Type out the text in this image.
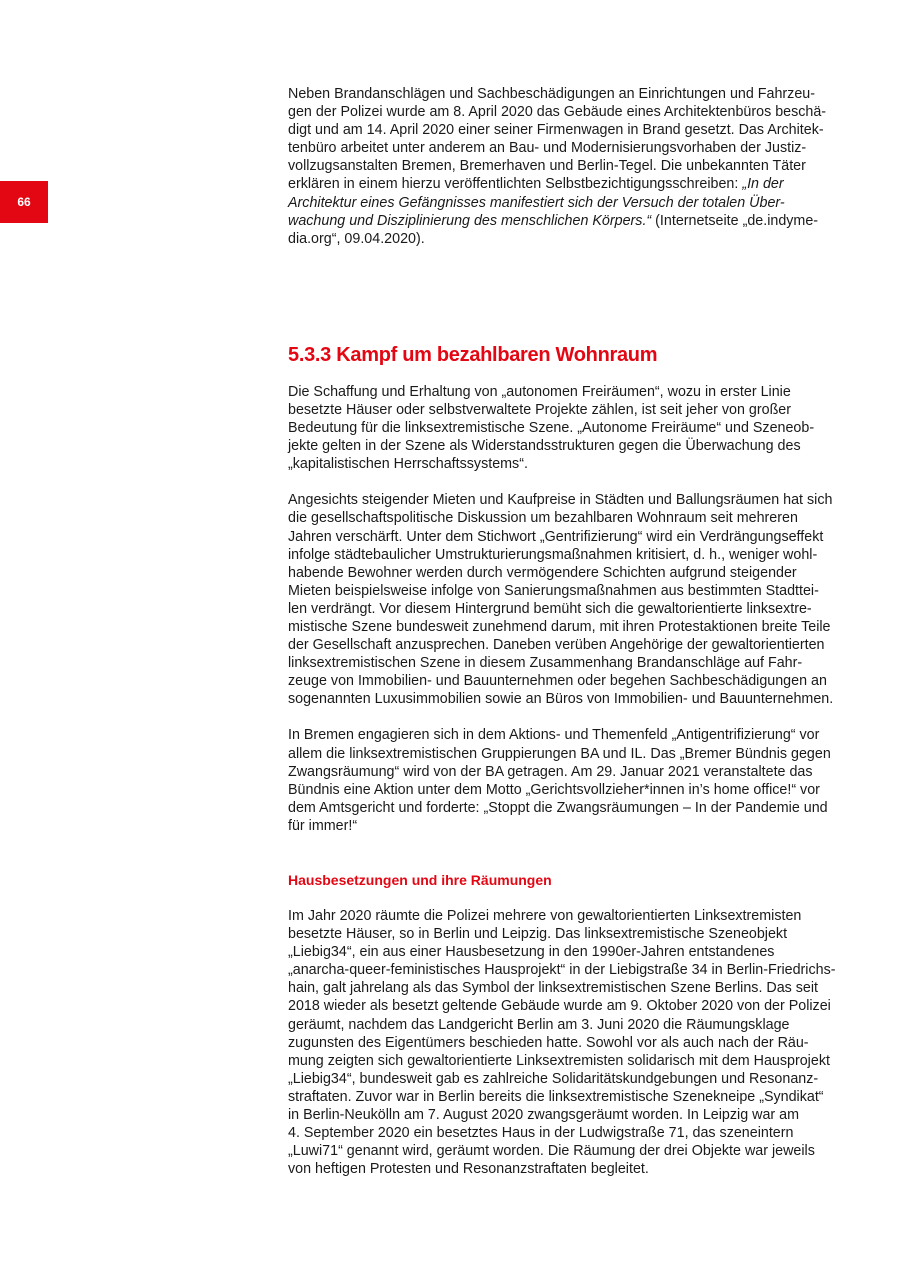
66

Neben Brandanschlägen und Sachbeschädigungen an Einrichtungen und Fahrzeu-
gen der Polizei wurde am 8. April 2020 das Gebäude eines Architektenbüros beschä-
digt und am 14. April 2020 einer seiner Firmenwagen in Brand gesetzt. Das Architek-
tenbüro arbeitet unter anderem an Bau- und Modernisierungsvorhaben der Justiz-
vollzugsanstalten Bremen, Bremerhaven und Berlin-Tegel. Die unbekannten Täter
erklären in einem hierzu veröffentlichten Selbstbezichtigungsschreiben: „In der
Architektur eines Gefängnisses manifestiert sich der Versuch der totalen Über-
wachung und Disziplinierung des menschlichen Körpers.“ (Internetseite „de.indyme-
dia.org“, 09.04.2020).

5.3.3 Kampf um bezahlbaren Wohnraum

Die Schaffung und Erhaltung von „autonomen Freiräumen“, wozu in erster Linie
besetzte Häuser oder selbstverwaltete Projekte zählen, ist seit jeher von großer
Bedeutung für die linksextremistische Szene. „Autonome Freiräume“ und Szeneob-
jekte gelten in der Szene als Widerstandsstrukturen gegen die Überwachung des
„kapitalistischen Herrschaftssystems“.

Angesichts steigender Mieten und Kaufpreise in Städten und Ballungsräumen hat sich
die gesellschaftspolitische Diskussion um bezahlbaren Wohnraum seit mehreren
Jahren verschärft. Unter dem Stichwort „Gentrifizierung“ wird ein Verdrängungseffekt
infolge städtebaulicher Umstrukturierungsmaßnahmen kritisiert, d. h., weniger wohl-
habende Bewohner werden durch vermögendere Schichten aufgrund steigender
Mieten beispielsweise infolge von Sanierungsmaßnahmen aus bestimmten Stadttei-
len verdrängt. Vor diesem Hintergrund bemüht sich die gewaltorientierte linksextre-
mistische Szene bundesweit zunehmend darum, mit ihren Protestaktionen breite Teile
der Gesellschaft anzusprechen. Daneben verüben Angehörige der gewaltorientierten
linksextremistischen Szene in diesem Zusammenhang Brandanschläge auf Fahr-
zeuge von Immobilien- und Bauunternehmen oder begehen Sachbeschädigungen an
sogenannten Luxusimmobilien sowie an Büros von Immobilien- und Bauunternehmen.

In Bremen engagieren sich in dem Aktions- und Themenfeld „Antigentrifizierung“ vor
allem die linksextremistischen Gruppierungen BA und IL. Das „Bremer Bündnis gegen
Zwangsräumung“ wird von der BA getragen. Am 29. Januar 2021 veranstaltete das
Bündnis eine Aktion unter dem Motto „Gerichtsvollzieher*innen in’s home office!“ vor
dem Amtsgericht und forderte: „Stoppt die Zwangsräumungen – In der Pandemie und
für immer!“

Hausbesetzungen und ihre Räumungen

Im Jahr 2020 räumte die Polizei mehrere von gewaltorientierten Linksextremisten
besetzte Häuser, so in Berlin und Leipzig. Das linksextremistische Szeneobjekt
„Liebig34“, ein aus einer Hausbesetzung in den 1990er-Jahren entstandenes
„anarcha-queer-feministisches Hausprojekt“ in der Liebigstraße 34 in Berlin-Friedrichs-
hain, galt jahrelang als das Symbol der linksextremistischen Szene Berlins. Das seit
2018 wieder als besetzt geltende Gebäude wurde am 9. Oktober 2020 von der Polizei
geräumt, nachdem das Landgericht Berlin am 3. Juni 2020 die Räumungsklage
zugunsten des Eigentümers beschieden hatte. Sowohl vor als auch nach der Räu-
mung zeigten sich gewaltorientierte Linksextremisten solidarisch mit dem Hausprojekt
„Liebig34“, bundesweit gab es zahlreiche Solidaritätskundgebungen und Resonanz-
straftaten. Zuvor war in Berlin bereits die linksextremistische Szenekneipe „Syndikat“
in Berlin-Neukölln am 7. August 2020 zwangsgeräumt worden. In Leipzig war am
4. September 2020 ein besetztes Haus in der Ludwigstraße 71, das szeneintern
„Luwi71“ genannt wird, geräumt worden. Die Räumung der drei Objekte war jeweils
von heftigen Protesten und Resonanzstraftaten begleitet.
